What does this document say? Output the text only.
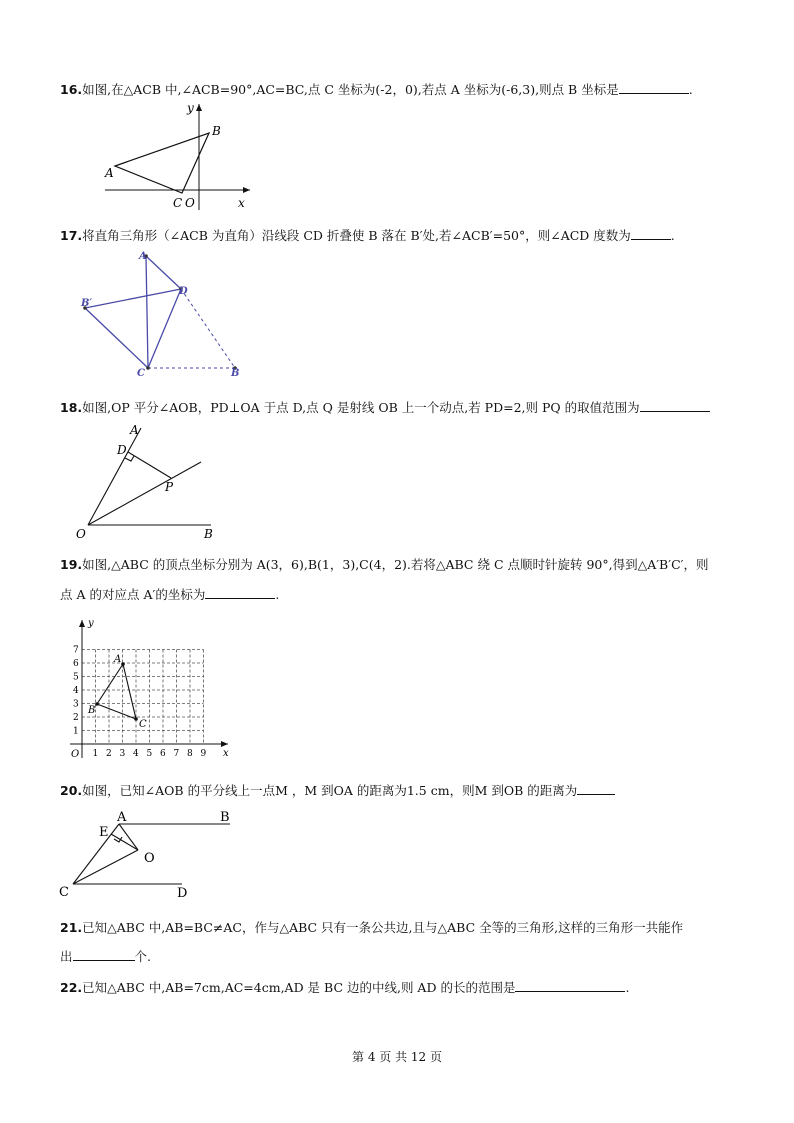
16.如图,在△ACB 中,∠ACB=90°,AC=BC,点 C 坐标为(-2，0),若点 A 坐标为(-6,3),则点 B 坐标是	.
y
B
A
C O	x
17.将直角三角形（∠ACB 为直角）沿线段 CD 折叠使 B 落在 B′处,若∠ACB′=50°，则∠ACD 度数为	.
A
B′
D
C	B
18.如图,OP 平分∠AOB，PD⊥OA 于点 D,点 Q 是射线 OB 上一个动点,若 PD=2,则 PQ 的取值范围为
A
D
P
O	B
19.如图,△ABC 的顶点坐标分别为 A(3，6),B(1，3),C(4，2).若将△ABC 绕 C 点顺时针旋转 90°,得到△A′B′C′，则
点 A 的对应点 A′的坐标为	.
1 2 3 4 5 6 7 8 9
1
2
3
4
5
6
7
y
x
O
A
B
C
20.如图，已知∠AOB 的平分线上一点M ，M 到OA 的距离为1.5 cm，则M 到OB 的距离为
E
A	B
O
C	D
21.已知△ABC 中,AB=BC≠AC，作与△ABC 只有一条公共边,且与△ABC 全等的三角形,这样的三角形一共能作
出	个.
22.已知△ABC 中,AB=7cm,AC=4cm,AD 是 BC 边的中线,则 AD 的长的范围是	.
第 4 页 共 12 页
